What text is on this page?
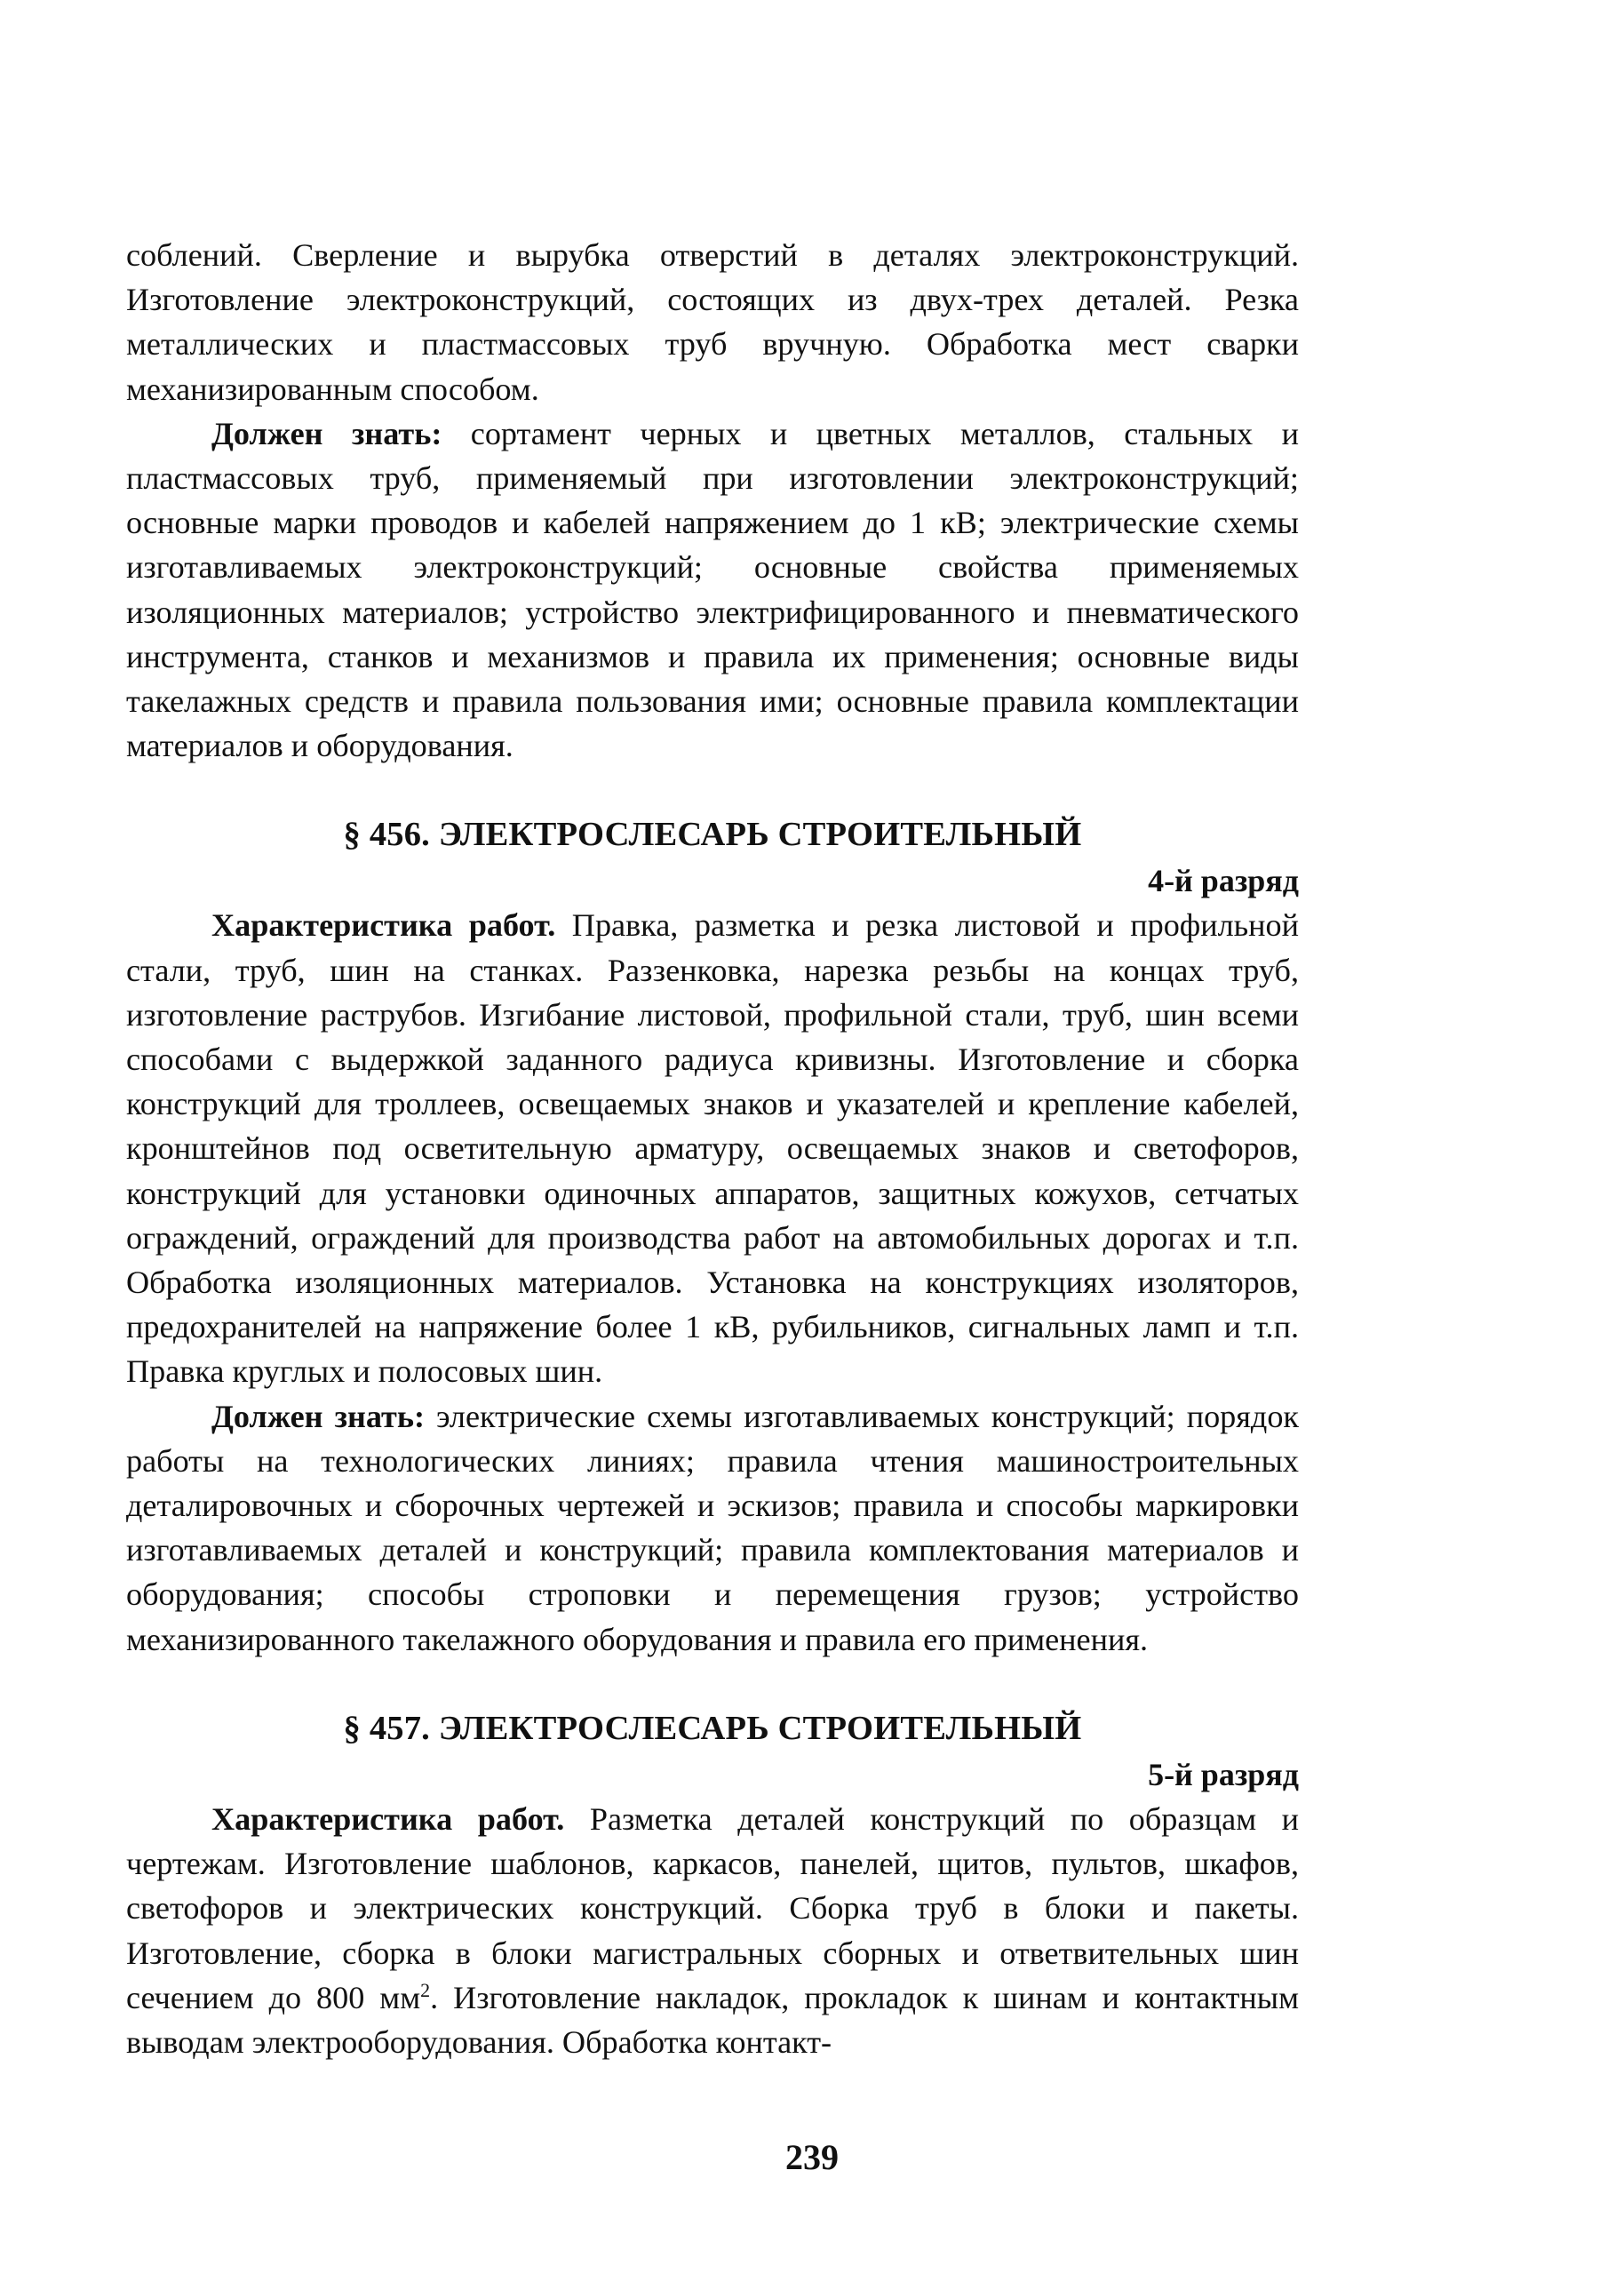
соблений. Сверление и вырубка отверстий в деталях электроконструкций. Изготовление электроконструкций, состоящих из двух-трех деталей. Резка металлических и пластмассовых труб вручную. Обработка мест сварки механизированным способом.

Должен знать: сортамент черных и цветных металлов, стальных и пластмассовых труб, применяемый при изготовлении электроконструкций; основные марки проводов и кабелей напряжением до 1 кВ; электрические схемы изготавливаемых электроконструкций; основные свойства применяемых изоляционных материалов; устройство электрифицированного и пневматического инструмента, станков и механизмов и правила их применения; основные виды такелажных средств и правила пользования ими; основные правила комплектации материалов и оборудования.

§ 456. ЭЛЕКТРОСЛЕСАРЬ СТРОИТЕЛЬНЫЙ
4-й разряд

Характеристика работ. Правка, разметка и резка листовой и профильной стали, труб, шин на станках. Раззенковка, нарезка резьбы на концах труб, изготовление раструбов. Изгибание листовой, профильной стали, труб, шин всеми способами с выдержкой заданного радиуса кривизны. Изготовление и сборка конструкций для троллеев, освещаемых знаков и указателей и крепление кабелей, кронштейнов под осветительную арматуру, освещаемых знаков и светофоров, конструкций для установки одиночных аппаратов, защитных кожухов, сетчатых ограждений, ограждений для производства работ на автомобильных дорогах и т.п. Обработка изоляционных материалов. Установка на конструкциях изоляторов, предохранителей на напряжение более 1 кВ, рубильников, сигнальных ламп и т.п. Правка круглых и полосовых шин.

Должен знать: электрические схемы изготавливаемых конструкций; порядок работы на технологических линиях; правила чтения машиностроительных деталировочных и сборочных чертежей и эскизов; правила и способы маркировки изготавливаемых деталей и конструкций; правила комплектования материалов и оборудования; способы строповки и перемещения грузов; устройство механизированного такелажного оборудования и правила его применения.

§ 457. ЭЛЕКТРОСЛЕСАРЬ СТРОИТЕЛЬНЫЙ
5-й разряд

Характеристика работ. Разметка деталей конструкций по образцам и чертежам. Изготовление шаблонов, каркасов, панелей, щитов, пультов, шкафов, светофоров и электрических конструкций. Сборка труб в блоки и пакеты. Изготовление, сборка в блоки магистральных сборных и ответвительных шин сечением до 800 $мм^2$. Изготовление накладок, прокладок к шинам и контактным выводам электрооборудования. Обработка контакт-

239
